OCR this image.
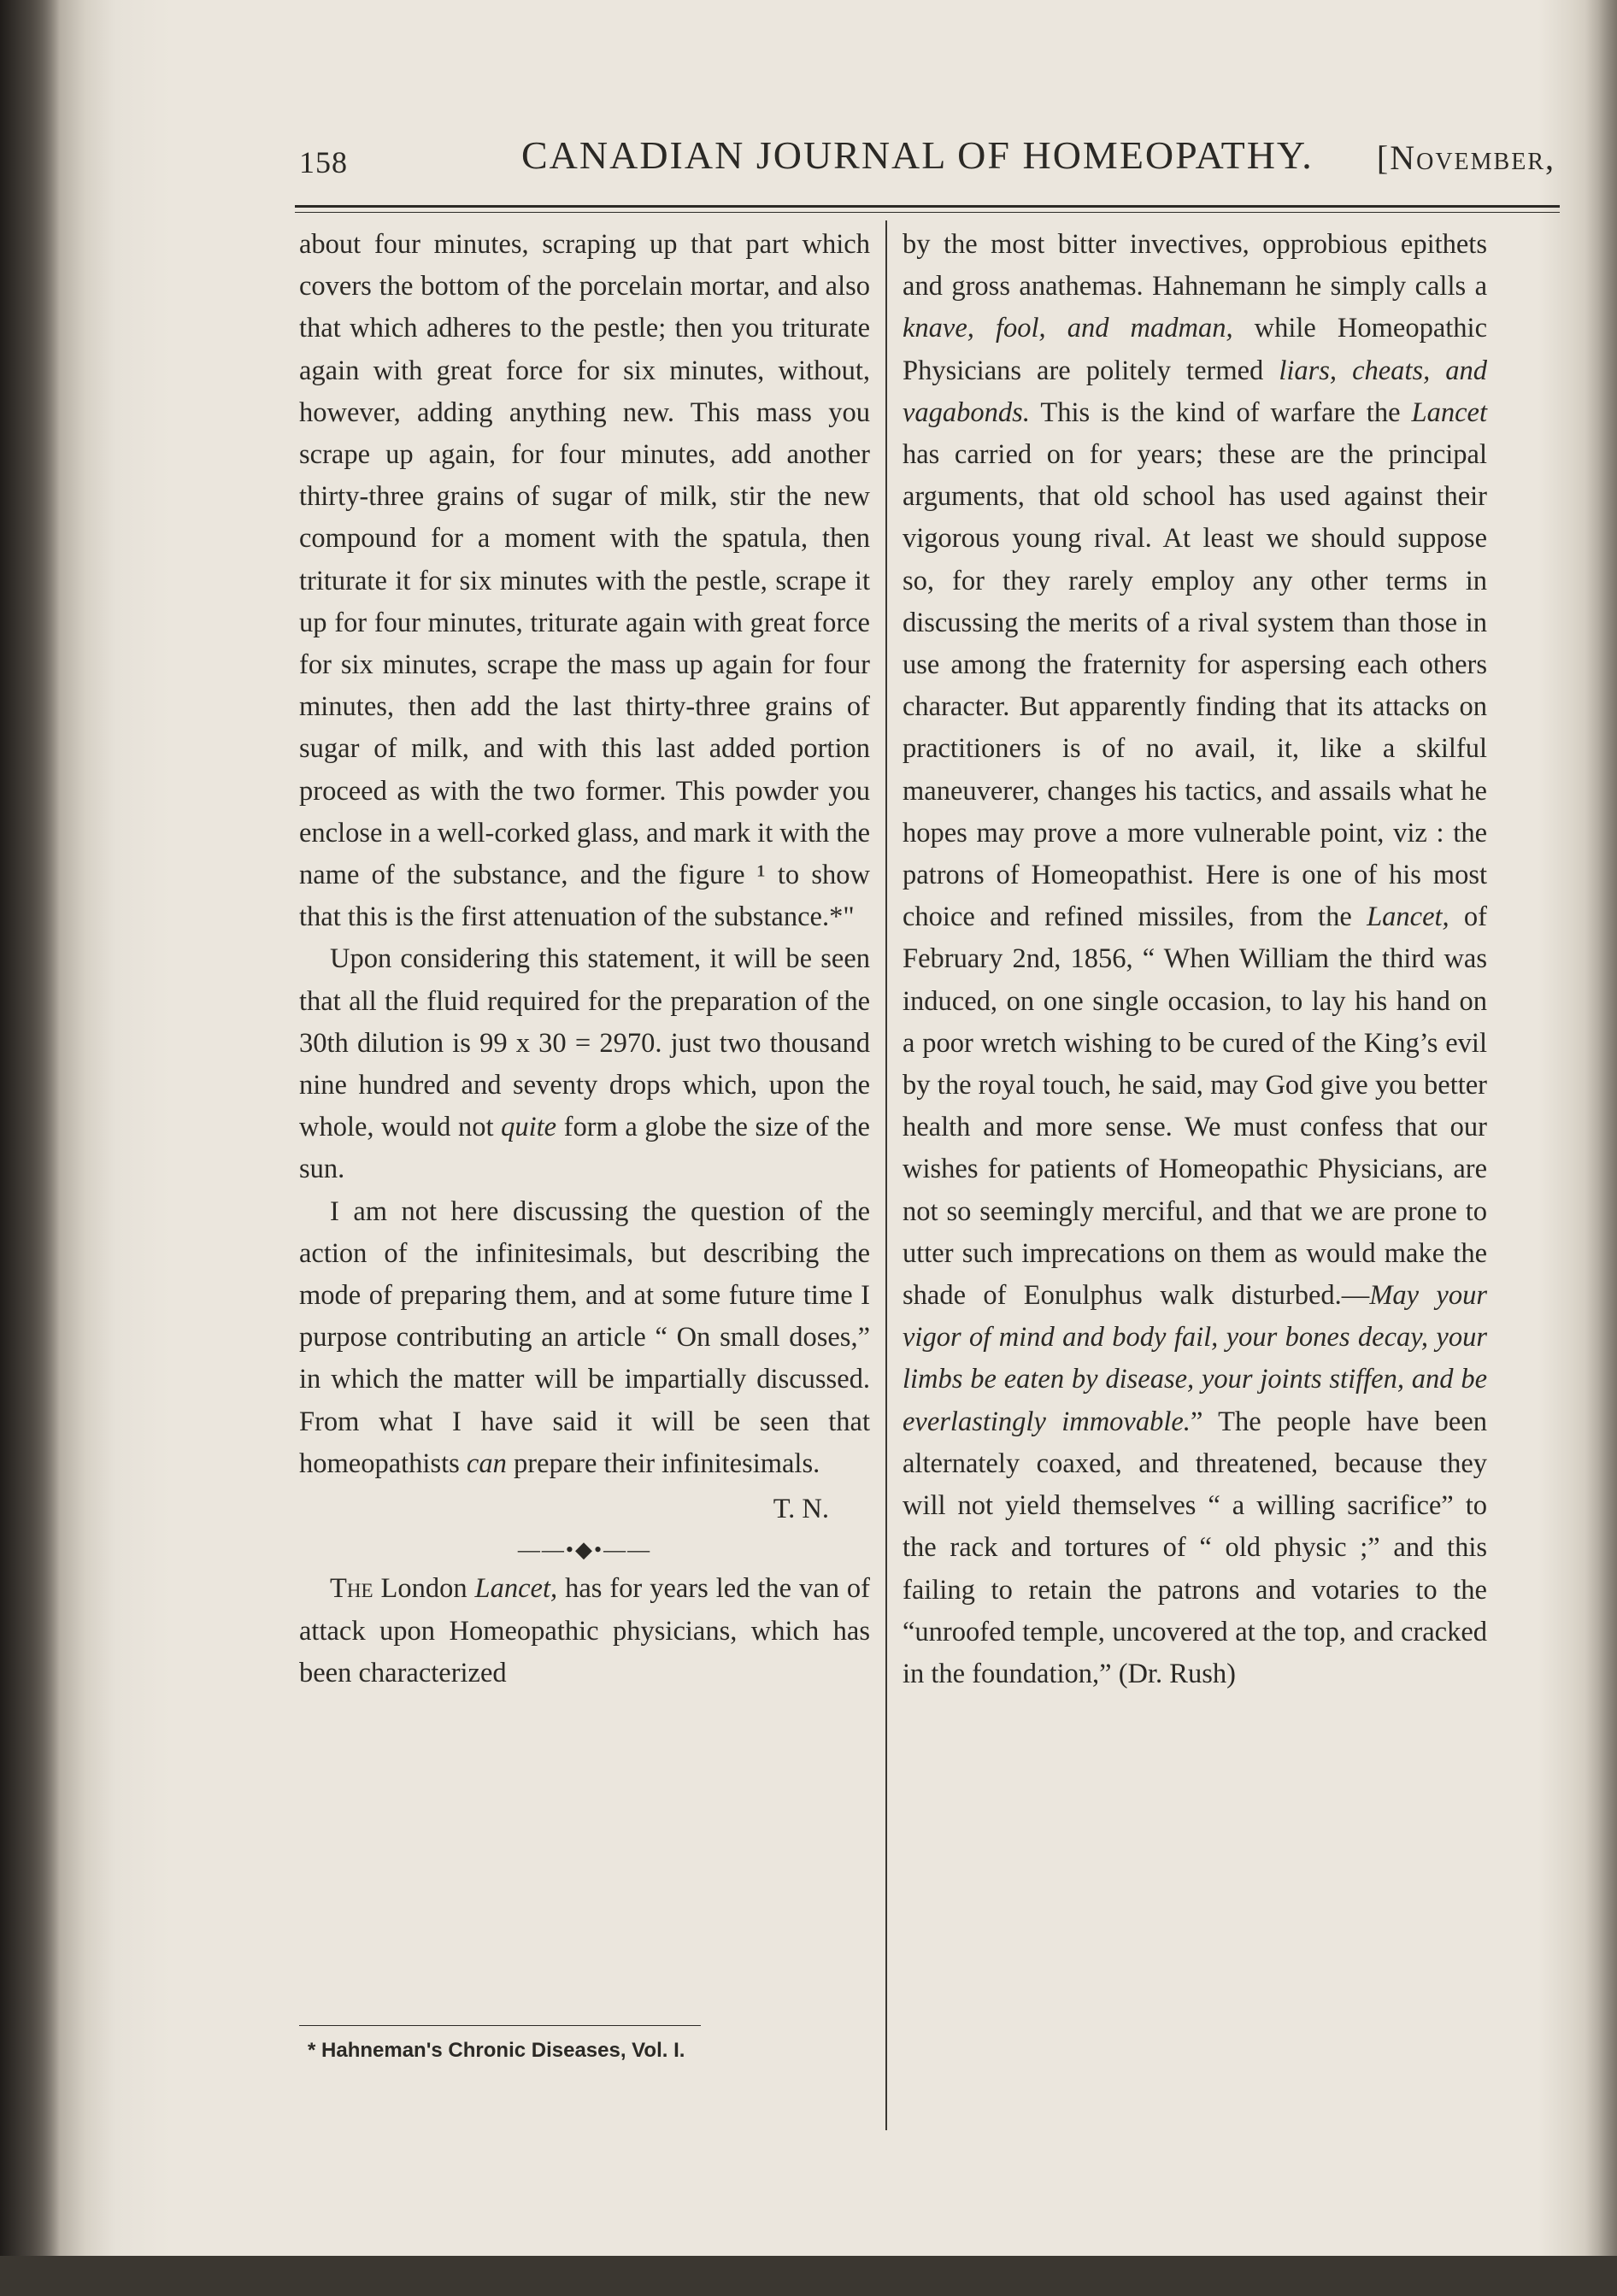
158	CANADIAN JOURNAL OF HOMEOPATHY. [November,

about four minutes, scraping up that part which covers the bottom of the porcelain mortar, and also that which adheres to the pestle; then you triturate again with great force for six minutes, without, however, adding anything new. This mass you scrape up again, for four minutes, add another thirty-three grains of sugar of milk, stir the new compound for a moment with the spatula, then triturate it for six minutes with the pestle, scrape it up for four minutes, triturate again with great force for six minutes, scrape the mass up again for four minutes, then add the last thirty-three grains of sugar of milk, and with this last added portion proceed as with the two former. This powder you enclose in a well-corked glass, and mark it with the name of the substance, and the figure ¹ to show that this is the first attenuation of the substance.*"

Upon considering this statement, it will be seen that all the fluid required for the preparation of the 30th dilution is 99 x 30 = 2970. just two thousand nine hundred and seventy drops which, upon the whole, would not quite form a globe the size of the sun.

I am not here discussing the question of the action of the infinitesimals, but describing the mode of preparing them, and at some future time I purpose contributing an article “ On small doses,” in which the matter will be impartially discussed. From what I have said it will be seen that homeopathists can prepare their infinitesimals.

T. N.

——•◆•——

The London Lancet, has for years led the van of attack upon Homeopathic physicians, which has been characterized

* Hahneman's Chronic Diseases, Vol. I.

by the most bitter invectives, opprobious epithets and gross anathemas. Hahnemann he simply calls a knave, fool, and madman, while Homeopathic Physicians are politely termed liars, cheats, and vagabonds. This is the kind of warfare the Lancet has carried on for years; these are the principal arguments, that old school has used against their vigorous young rival. At least we should suppose so, for they rarely employ any other terms in discussing the merits of a rival system than those in use among the fraternity for aspersing each others character. But apparently finding that its attacks on practitioners is of no avail, it, like a skilful maneuverer, changes his tactics, and assails what he hopes may prove a more vulnerable point, viz : the patrons of Homeopathist. Here is one of his most choice and refined missiles, from the Lancet, of February 2nd, 1856, “ When William the third was induced, on one single occasion, to lay his hand on a poor wretch wishing to be cured of the King’s evil by the royal touch, he said, may God give you better health and more sense. We must confess that our wishes for patients of Homeopathic Physicians, are not so seemingly merciful, and that we are prone to utter such imprecations on them as would make the shade of Eonulphus walk disturbed.—May your vigor of mind and body fail, your bones decay, your limbs be eaten by disease, your joints stiffen, and be everlastingly immovable.” The people have been alternately coaxed, and threatened, because they will not yield themselves “ a willing sacrifice” to the rack and tortures of “ old physic ;” and this failing to retain the patrons and votaries to the “unroofed temple, uncovered at the top, and cracked in the foundation,” (Dr. Rush)
